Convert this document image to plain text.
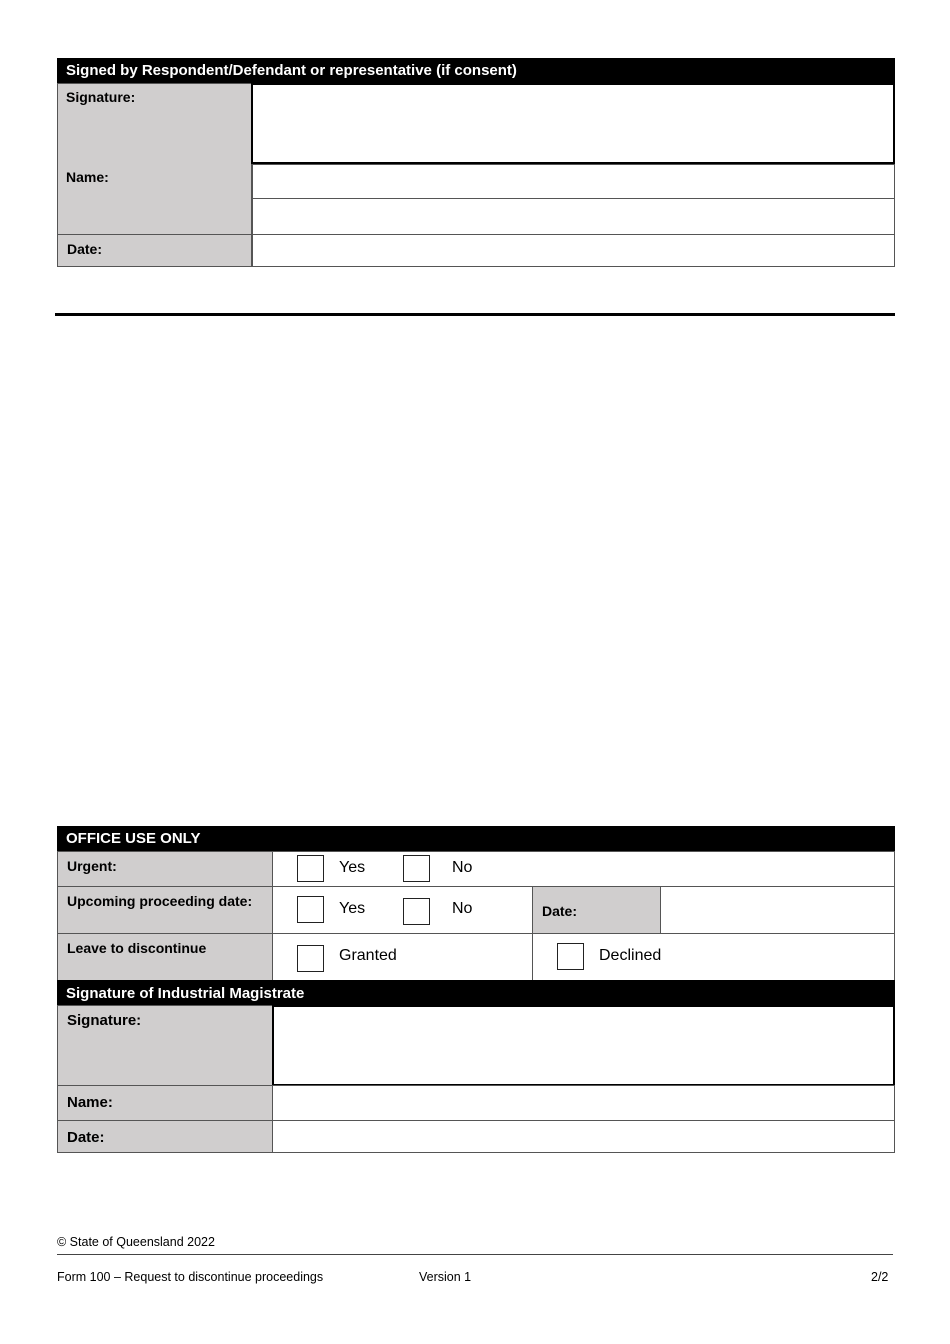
Signed by Respondent/Defendant or representative (if consent)
Signature:
Name:
Date:
OFFICE USE ONLY
Urgent:	Yes	No
Upcoming proceeding date:	Yes	No	Date:
Leave to discontinue	Granted	Declined
Signature of Industrial Magistrate
Signature:
Name:
Date:
© State of Queensland 2022
Form 100 – Request to discontinue proceedings	Version 1	2/2
